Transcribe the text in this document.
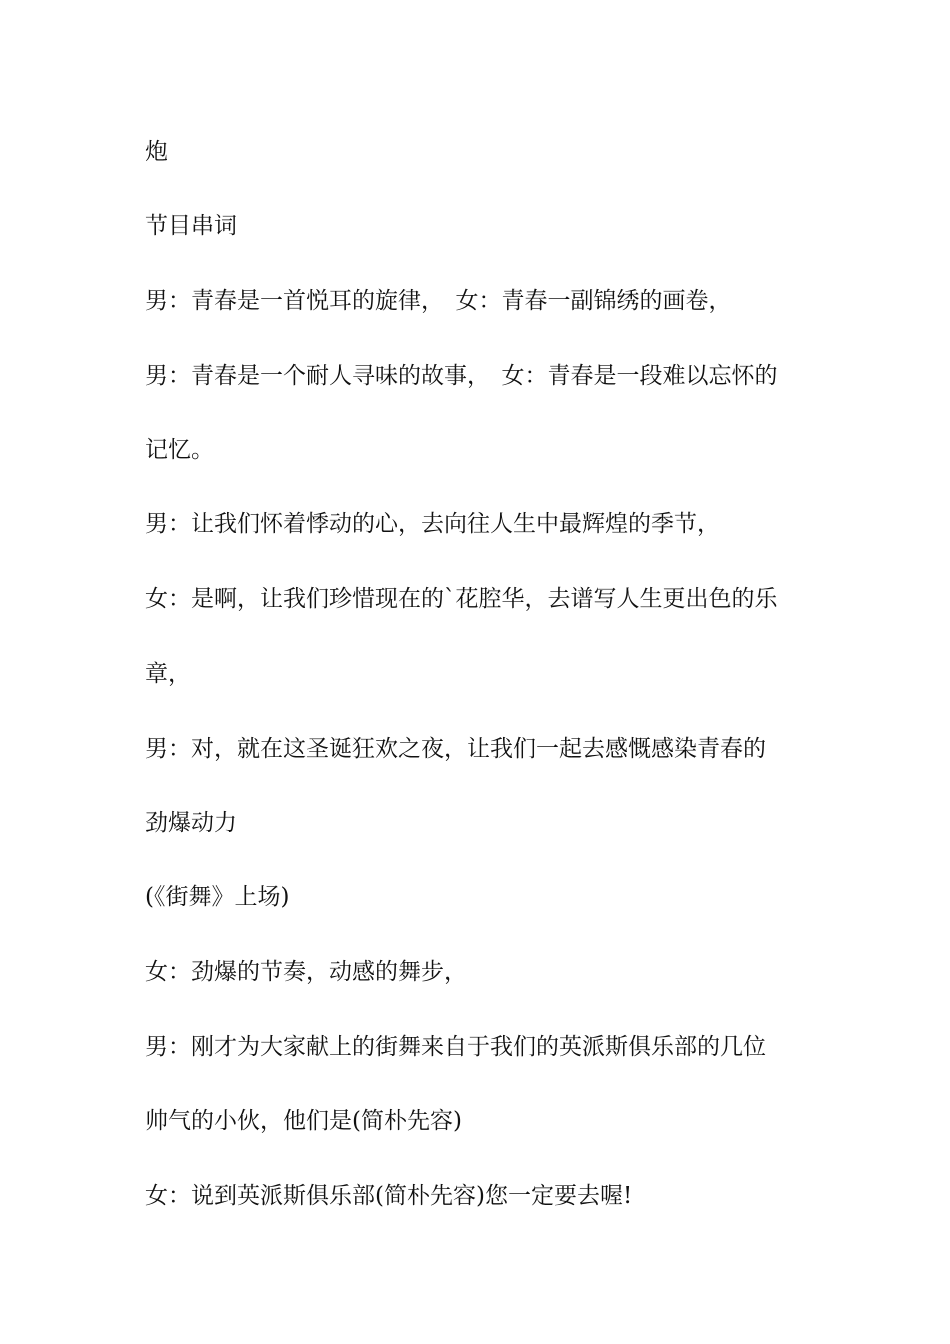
炮

节目串词

男：青春是一首悦耳的旋律，　女：青春一副锦绣的画卷，

男：青春是一个耐人寻味的故事，　女：青春是一段难以忘怀的

记忆。

男：让我们怀着悸动的心，去向往人生中最辉煌的季节，

女：是啊，让我们珍惜现在的`花腔华，去谱写人生更出色的乐

章，

男：对，就在这圣诞狂欢之夜，让我们一起去感慨感染青春的

劲爆动力

(《街舞》上场)

女：劲爆的节奏，动感的舞步，

男：刚才为大家献上的街舞来自于我们的英派斯俱乐部的几位

帅气的小伙，他们是(简朴先容)

女：说到英派斯俱乐部(简朴先容)您一定要去喔!
